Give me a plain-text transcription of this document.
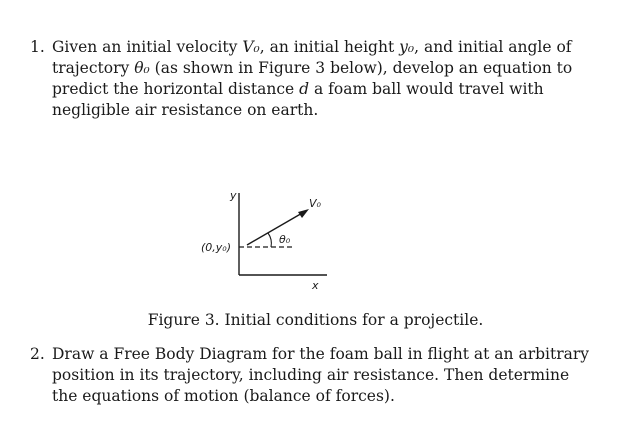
1. Given an initial velocity V₀, an initial height y₀, and initial angle of trajectory θ₀ (as shown in Figure 3 below), develop an equation to predict the horizontal distance d a foam ball would travel with negligible air resistance on earth.
y
x
θ₀
V₀
(0,y₀)
Figure 3. Initial conditions for a projectile.
2. Draw a Free Body Diagram for the foam ball in flight at an arbitrary position in its trajectory, including air resistance. Then determine the equations of motion (balance of forces).
